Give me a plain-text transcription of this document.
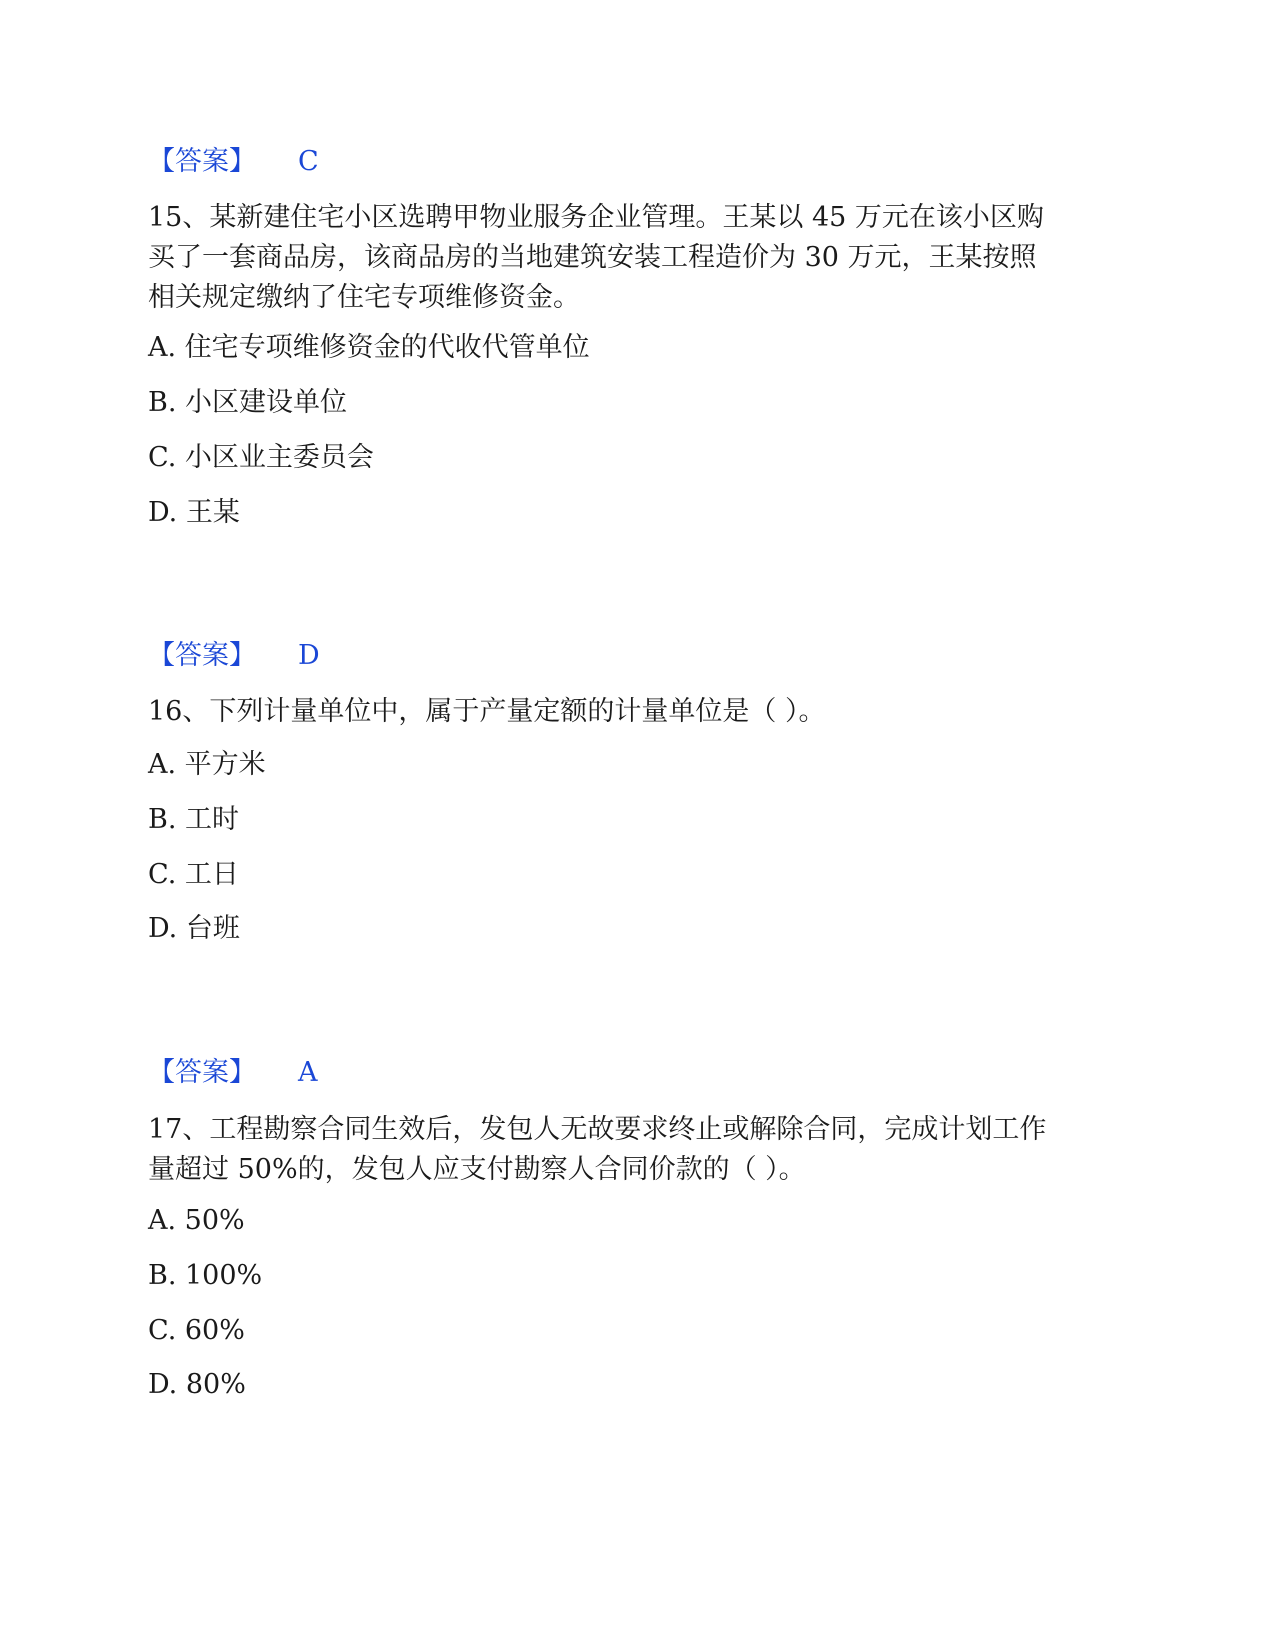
【答案】 C
15、某新建住宅小区选聘甲物业服务企业管理。王某以 45 万元在该小区购
买了一套商品房，该商品房的当地建筑安装工程造价为 30 万元，王某按照
相关规定缴纳了住宅专项维修资金。
A. 住宅专项维修资金的代收代管单位
B. 小区建设单位
C. 小区业主委员会
D. 王某
【答案】 D
16、下列计量单位中，属于产量定额的计量单位是（ ）。
A. 平方米
B. 工时
C. 工日
D. 台班
【答案】 A
17、工程勘察合同生效后，发包人无故要求终止或解除合同，完成计划工作
量超过 50%的，发包人应支付勘察人合同价款的（ ）。
A. 50%
B. 100%
C. 60%
D. 80%
